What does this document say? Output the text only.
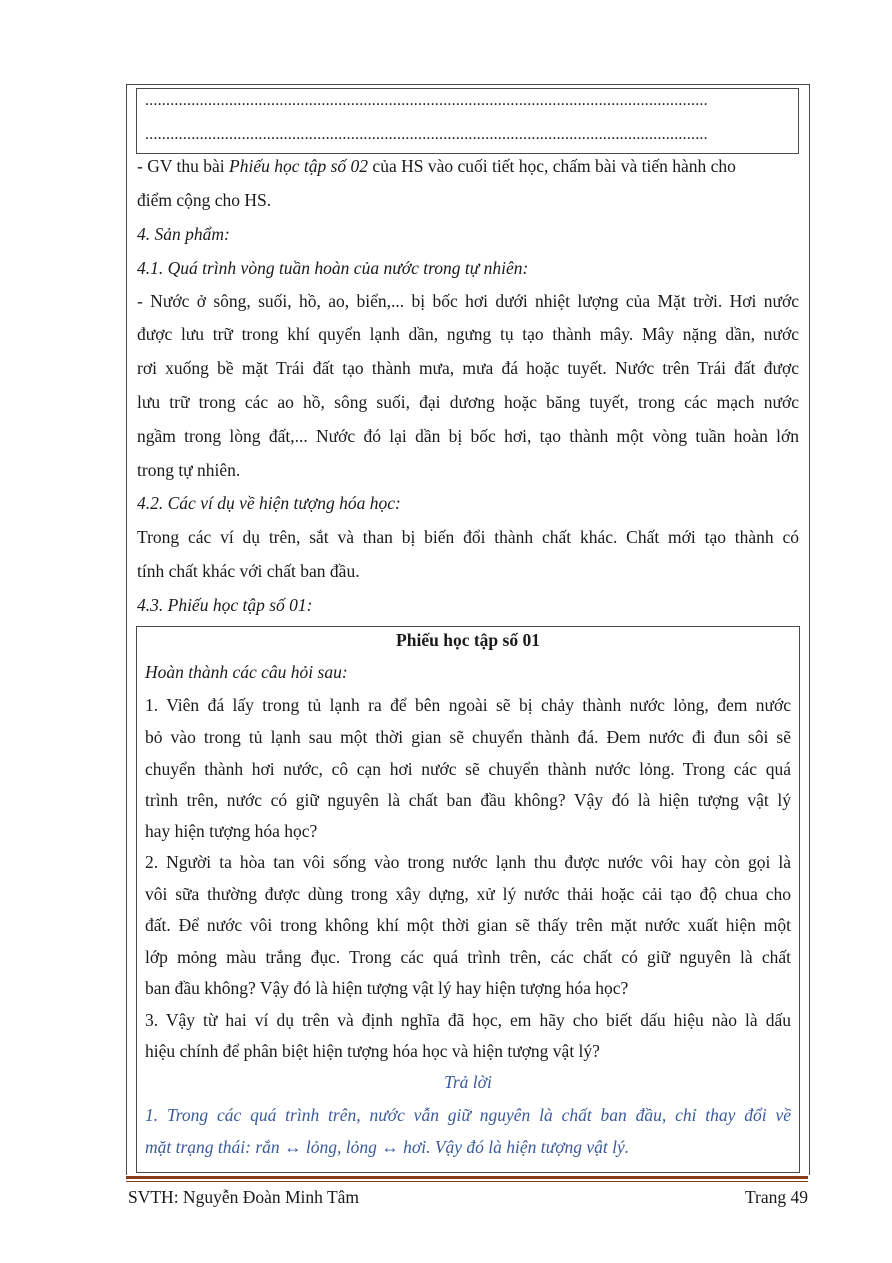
......................................................................................................................................
......................................................................................................................................
- GV thu bài Phiếu học tập số 02 của HS vào cuối tiết học, chấm bài và tiến hành cho
điểm cộng cho HS.
4. Sản phẩm:
4.1. Quá trình vòng tuần hoàn của nước trong tự nhiên:
- Nước ở sông, suối, hồ, ao, biển,... bị bốc hơi dưới nhiệt lượng của Mặt trời. Hơi nước
được lưu trữ trong khí quyển lạnh dần, ngưng tụ tạo thành mây. Mây nặng dần, nước
rơi xuống bề mặt Trái đất tạo thành mưa, mưa đá hoặc tuyết. Nước trên Trái đất được
lưu trữ trong các ao hồ, sông suối, đại dương hoặc băng tuyết, trong các mạch nước
ngầm trong lòng đất,... Nước đó lại dần bị bốc hơi, tạo thành một vòng tuần hoàn lớn
trong tự nhiên.
4.2. Các ví dụ về hiện tượng hóa học:
Trong các ví dụ trên, sắt và than bị biến đổi thành chất khác. Chất mới tạo thành có
tính chất khác với chất ban đầu.
4.3. Phiếu học tập số 01:
Phiếu học tập số 01
Hoàn thành các câu hỏi sau:
1. Viên đá lấy trong tủ lạnh ra để bên ngoài sẽ bị chảy thành nước lỏng, đem nước
bỏ vào trong tủ lạnh sau một thời gian sẽ chuyển thành đá. Đem nước đi đun sôi sẽ
chuyển thành hơi nước, cô cạn hơi nước sẽ chuyển thành nước lỏng. Trong các quá
trình trên, nước có giữ nguyên là chất ban đầu không? Vậy đó là hiện tượng vật lý
hay hiện tượng hóa học?
2. Người ta hòa tan vôi sống vào trong nước lạnh thu được nước vôi hay còn gọi là
vôi sữa thường được dùng trong xây dựng, xử lý nước thải hoặc cải tạo độ chua cho
đất. Để nước vôi trong không khí một thời gian sẽ thấy trên mặt nước xuất hiện một
lớp mỏng màu trắng đục. Trong các quá trình trên, các chất có giữ nguyên là chất
ban đầu không? Vậy đó là hiện tượng vật lý hay hiện tượng hóa học?
3. Vậy từ hai ví dụ trên và định nghĩa đã học, em hãy cho biết dấu hiệu nào là dấu
hiệu chính để phân biệt hiện tượng hóa học và hiện tượng vật lý?
Trả lời
1. Trong các quá trình trên, nước vẫn giữ nguyên là chất ban đầu, chỉ thay đổi về
mặt trạng thái: rắn ↔ lỏng, lỏng ↔ hơi. Vậy đó là hiện tượng vật lý.
SVTH: Nguyễn Đoàn Minh Tâm	Trang 49
